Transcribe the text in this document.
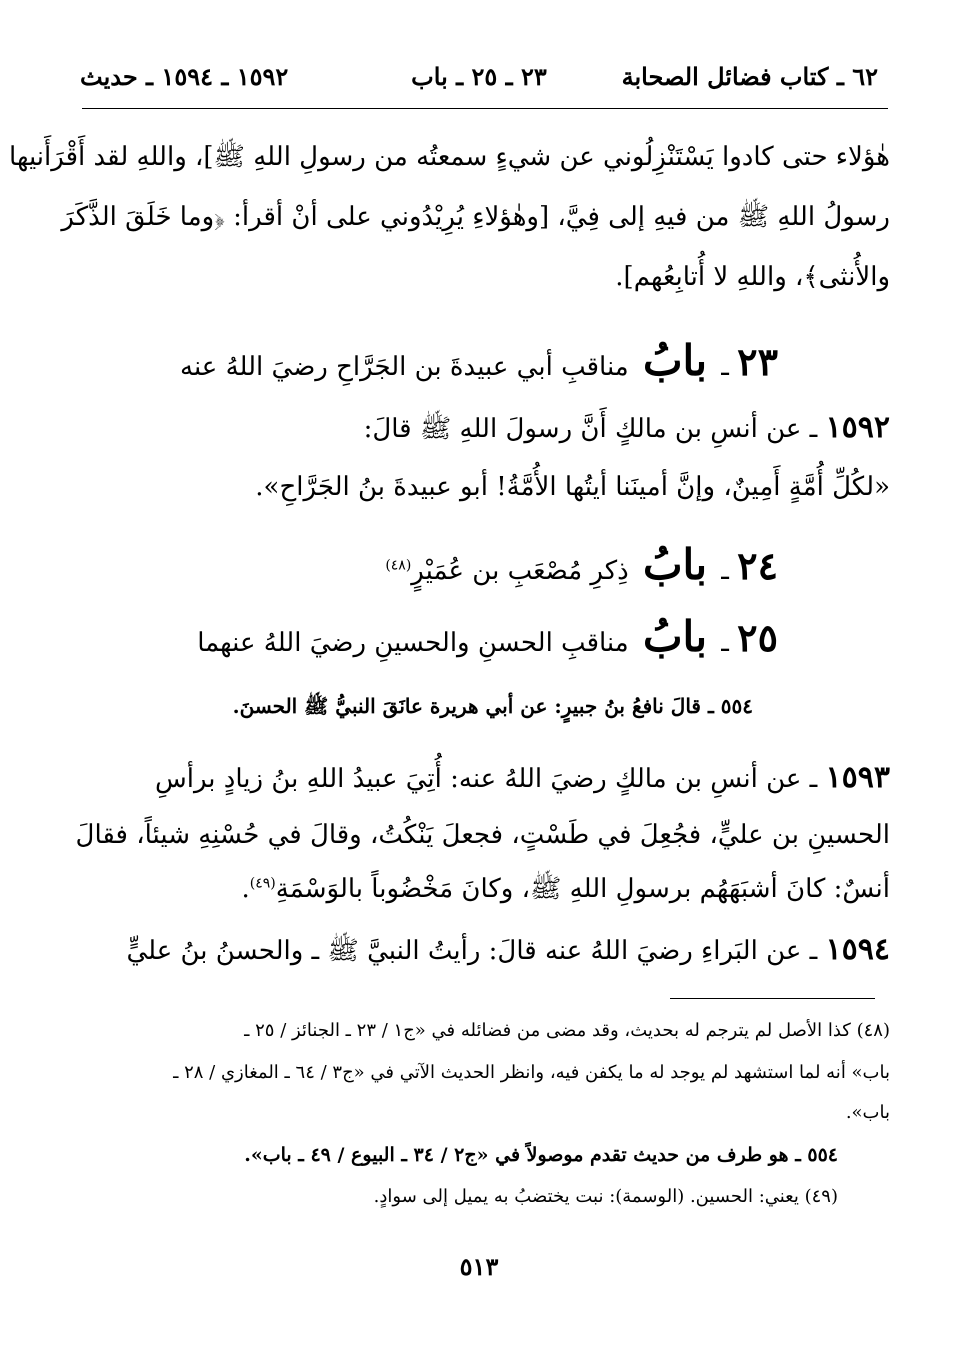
٦٢ ـ كتاب فضائل الصحابة
٢٣ ـ ٢٥ ـ باب
١٥٩٢ ـ ١٥٩٤ ـ حديث
هٰؤلاء حتى كادوا يَسْتَنْزِلُوني عن شيءٍ سمعتُه من رسولِ اللهِ ﷺ]، واللهِ لقد أَقْرَأَنيها
رسولُ اللهِ ﷺ من فيهِ إلى فِيَّ، [وهٰؤلاءِ يُرِيْدُوني على أنْ أقرأ: ﴿وما خَلَقَ الذَّكَرَ
والأُنثى﴾، واللهِ لا أُتابِعُهم].
٢٣ ـ بابُ مناقبِ أبي عبيدةَ بن الجَرَّاحِ رضيَ اللهُ عنه
١٥٩٢ ـ عن أنسِ بن مالكٍ أَنَّ رسولَ اللهِ ﷺ قالَ:
«لكُلِّ أُمَّةٍ أَمِينٌ، وإنَّ أمينَنا أيتُها الأُمَّةُ! أبو عبيدةَ بنُ الجَرَّاحِ».
٢٤ ـ بابُ ذِكرِ مُصْعَبِ بن عُمَيْرٍ$^{(٤٨)}$
٢٥ ـ بابُ مناقبِ الحسنِ والحسينِ رضيَ اللهُ عنهما
٥٥٤ ـ قالَ نافعُ بنُ جبيرٍ: عن أبي هريرة عانَقَ النبيُّ ﷺ الحسنَ.
١٥٩٣ ـ عن أنسِ بن مالكٍ رضيَ اللهُ عنه: أُتِيَ عبيدُ اللهِ بنُ زيادٍ برأسِ
الحسينِ بن عليٍّ، فجُعِلَ في طَسْتٍ، فجعلَ يَنْكُتُ، وقالَ في حُسْنِهِ شيئاً، فقالَ
أنسٌ: كانَ أشبَهَهُم برسولِ اللهِ ﷺ، وكانَ مَخْضُوباً بالوَسْمَةِ$^{(٤٩)}$.
١٥٩٤ ـ عن البَراءِ رضيَ اللهُ عنه قالَ: رأيتُ النبيَّ ﷺ ـ والحسنُ بنُ عليٍّ
(٤٨) كذا الأصل لم يترجم له بحديث، وقد مضى من فضائله في «ج١ / ٢٣ ـ الجنائز / ٢٥ ـ
باب» أنه لما استشهد لم يوجد له ما يكفن فيه، وانظر الحديث الآتي في «ج٣ / ٦٤ ـ المغازي / ٢٨ ـ
باب».
٥٥٤ ـ هو طرف من حديث تقدم موصولاً في «ج٢ / ٣٤ ـ البيوع / ٤٩ ـ باب».
(٤٩) يعني: الحسين. (الوسمة): نبت يختضبُ به يميل إلى سوادٍ.
٥١٣
